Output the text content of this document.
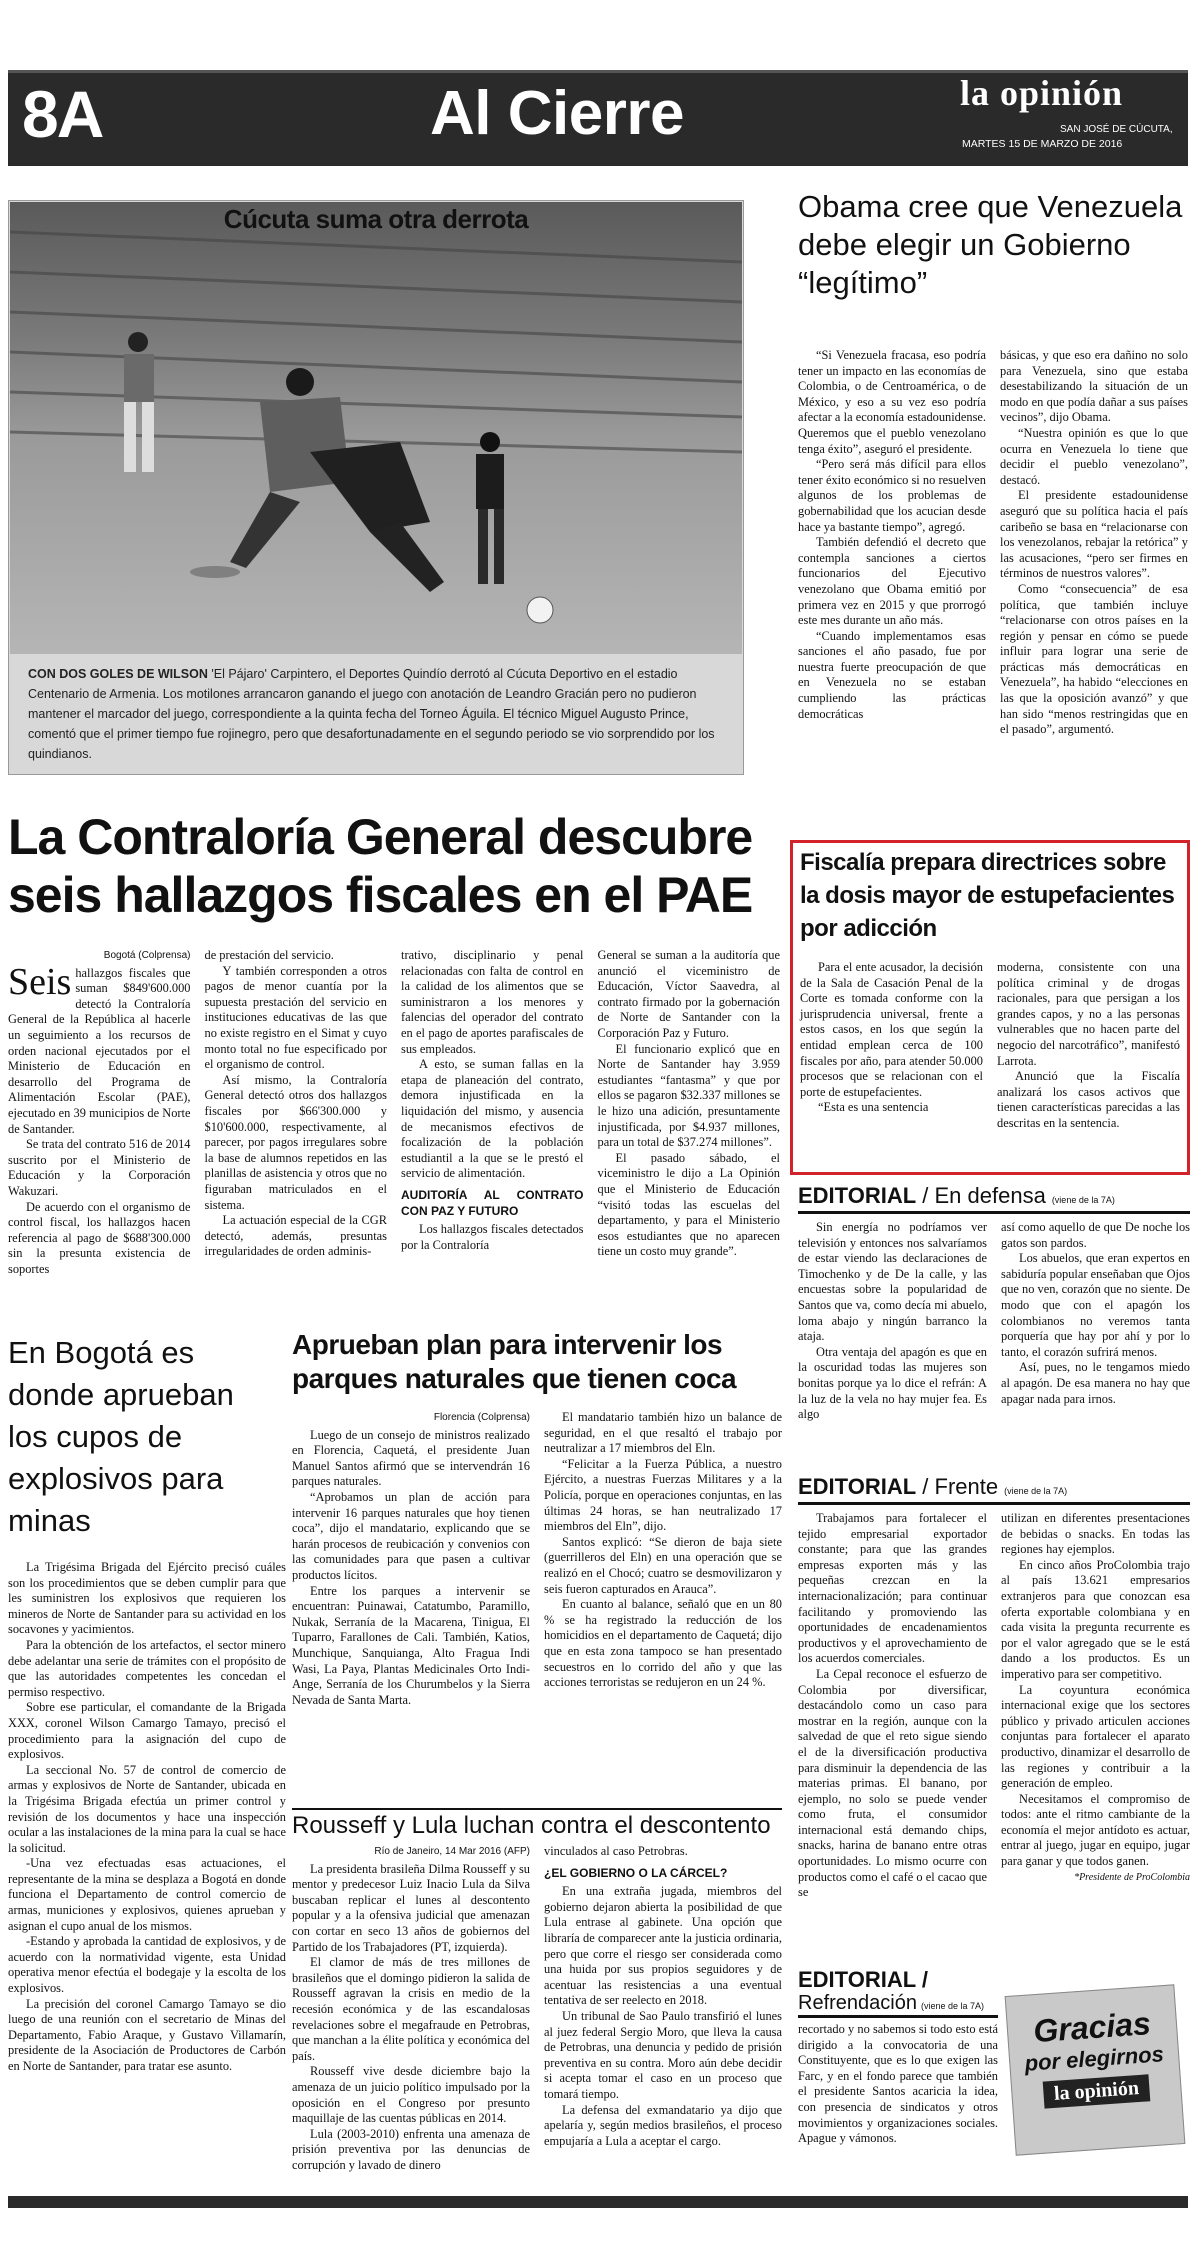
8A	Al Cierre	la opinión
SAN JOSÉ DE CÚCUTA,
MARTES 15 DE MARZO DE 2016
Cúcuta suma otra derrota
CON DOS GOLES DE WILSON 'El Pájaro' Carpintero, el Deportes Quindío derrotó al Cúcuta Deportivo en el estadio Centenario de Armenia. Los motilones arrancaron ganando el juego con anotación de Leandro Gracián pero no pudieron mantener el marcador del juego, correspondiente a la quinta fecha del Torneo Águila. El técnico Miguel Augusto Prince, comentó que el primer tiempo fue rojinegro, pero que desafortunadamente en el segundo periodo se vio sorprendido por los quindianos.
Obama cree que Venezuela debe elegir un Gobierno “legítimo”

“Si Venezuela fracasa, eso podría tener un impacto en las economías de Colombia, o de Centroamérica, o de México, y eso a su vez eso podría afectar a la economía estadounidense. Queremos que el pueblo venezolano tenga éxito”, aseguró el presidente.

“Pero será más difícil para ellos tener éxito económico si no resuelven algunos de los problemas de gobernabilidad que los acucian desde hace ya bastante tiempo”, agregó.

También defendió el decreto que contempla sanciones a ciertos funcionarios del Ejecutivo venezolano que Obama emitió por primera vez en 2015 y que prorrogó este mes durante un año más.

“Cuando implementamos esas sanciones el año pasado, fue por nuestra fuerte preocupación de que en Venezuela no se estaban cumpliendo las prácticas democráticas

básicas, y que eso era dañino no solo para Venezuela, sino que estaba desestabilizando la situación de un modo en que podía dañar a sus países vecinos”, dijo Obama.

“Nuestra opinión es que lo que ocurra en Venezuela lo tiene que decidir el pueblo venezolano”, destacó.

El presidente estadounidense aseguró que su política hacia el país caribeño se basa en “relacionarse con los venezolanos, rebajar la retórica” y las acusaciones, “pero ser firmes en términos de nuestros valores”.

Como “consecuencia” de esa política, que también incluye “relacionarse con otros países en la región y pensar en cómo se puede influir para lograr una serie de prácticas más democráticas en Venezuela”, ha habido “elecciones en las que la oposición avanzó” y que han sido “menos restringidas que en el pasado”, argumentó.

Fiscalía prepara directrices sobre la dosis mayor de estupefacientes por adicción

Para el ente acusador, la decisión de la Sala de Casación Penal de la Corte es tomada conforme con la jurisprudencia universal, frente a estos casos, en los que según la entidad emplean cerca de 100 fiscales por año, para atender 50.000 procesos que se relacionan con el porte de estupefacientes.

“Esta es una sentencia

moderna, consistente con una política criminal y de drogas racionales, para que persigan a los grandes capos, y no a las personas vulnerables que no hacen parte del negocio del narcotráfico”, manifestó Larrota.

Anunció que la Fiscalía analizará los casos activos que tienen características parecidas a las descritas en la sentencia.

La Contraloría General descubre seis hallazgos fiscales en el PAE
Bogotá (Colprensa)

Seis hallazgos fiscales que suman $849'600.000 detectó la Contraloría General de la República al hacerle un seguimiento a los recursos de orden nacional ejecutados por el Ministerio de Educación en desarrollo del Programa de Alimentación Escolar (PAE), ejecutado en 39 municipios de Norte de Santander.

Se trata del contrato 516 de 2014 suscrito por el Ministerio de Educación y la Corporación Wakuzari.

De acuerdo con el organismo de control fiscal, los hallazgos hacen referencia al pago de $688'300.000 sin la presunta existencia de soportes

de prestación del servicio.

Y también corresponden a otros pagos de menor cuantía por la supuesta prestación del servicio en instituciones educativas de las que no existe registro en el Simat y cuyo monto total no fue especificado por el organismo de control.

Así mismo, la Contraloría General detectó otros dos hallazgos fiscales por $66'300.000 y $10'600.000, respectivamente, al parecer, por pagos irregulares sobre la base de alumnos repetidos en las planillas de asistencia y otros que no figuraban matriculados en el sistema.

La actuación especial de la CGR detectó, además, presuntas irregularidades de orden adminis-

trativo, disciplinario y penal relacionadas con falta de control en la calidad de los alimentos que se suministraron a los menores y falencias del operador del contrato en el pago de aportes parafiscales de sus empleados.

A esto, se suman fallas en la etapa de planeación del contrato, demora injustificada en la liquidación del mismo, y ausencia de mecanismos efectivos de focalización de la población estudiantil a la que se le prestó el servicio de alimentación.

AUDITORÍA AL CONTRATO CON PAZ Y FUTURO

Los hallazgos fiscales detectados por la Contraloría

General se suman a la auditoría que anunció el viceministro de Educación, Víctor Saavedra, al contrato firmado por la gobernación de Norte de Santander con la Corporación Paz y Futuro.

El funcionario explicó que en Norte de Santander hay 3.959 estudiantes “fantasma” y que por ellos se pagaron $32.337 millones se le hizo una adición, presuntamente injustificada, por $4.937 millones, para un total de $37.274 millones”.

El pasado sábado, el viceministro le dijo a La Opinión que el Ministerio de Educación “visitó todas las escuelas del departamento, y para el Ministerio esos estudiantes que no aparecen tiene un costo muy grande”.

EDITORIAL / En defensa (viene de la 7A)

Sin energía no podríamos ver televisión y entonces nos salvaríamos de estar viendo las declaraciones de Timochenko y de De la calle, y las encuestas sobre la popularidad de Santos que va, como decía mi abuelo, loma abajo y ningún barranco la ataja.

Otra ventaja del apagón es que en la oscuridad todas las mujeres son bonitas porque ya lo dice el refrán: A la luz de la vela no hay mujer fea. Es algo

así como aquello de que De noche los gatos son pardos.

Los abuelos, que eran expertos en sabiduría popular enseñaban que Ojos que no ven, corazón que no siente. De modo que con el apagón los colombianos no veremos tanta porquería que hay por ahí y por lo tanto, el corazón sufrirá menos.

Así, pues, no le tengamos miedo al apagón. De esa manera no hay que apagar nada para irnos.

En Bogotá es donde aprueban los cupos de explosivos para minas

La Trigésima Brigada del Ejército precisó cuáles son los procedimientos que se deben cumplir para que les suministren los explosivos que requieren los mineros de Norte de Santander para su actividad en los socavones y yacimientos.

Para la obtención de los artefactos, el sector minero debe adelantar una serie de trámites con el propósito de que las autoridades competentes les concedan el permiso respectivo.

Sobre ese particular, el comandante de la Brigada XXX, coronel Wilson Camargo Tamayo, precisó el procedimiento para la asignación del cupo de explosivos.

La seccional No. 57 de control de comercio de armas y explosivos de Norte de Santander, ubicada en la Trigésima Brigada efectúa un primer control y revisión de los documentos y hace una inspección ocular a las instalaciones de la mina para la cual se hace la solicitud.

-Una vez efectuadas esas actuaciones, el representante de la mina se desplaza a Bogotá en donde funciona el Departamento de control comercio de armas, municiones y explosivos, quienes aprueban y asignan el cupo anual de los mismos.

-Estando y aprobada la cantidad de explosivos, y de acuerdo con la normatividad vigente, esta Unidad operativa menor efectúa el bodegaje y la escolta de los explosivos.

La precisión del coronel Camargo Tamayo se dio luego de una reunión con el secretario de Minas del Departamento, Fabio Araque, y Gustavo Villamarín, presidente de la Asociación de Productores de Carbón en Norte de Santander, para tratar ese asunto.

Aprueban plan para intervenir los parques naturales que tienen coca
Florencia (Colprensa)

Luego de un consejo de ministros realizado en Florencia, Caquetá, el presidente Juan Manuel Santos afirmó que se intervendrán 16 parques naturales.

“Aprobamos un plan de acción para intervenir 16 parques naturales que hoy tienen coca”, dijo el mandatario, explicando que se harán procesos de reubicación y convenios con las comunidades para que pasen a cultivar productos lícitos.

Entre los parques a intervenir se encuentran: Puinawai, Catatumbo, Paramillo, Nukak, Serranía de la Macarena, Tinigua, El Tuparro, Farallones de Cali. También, Katios, Munchique, Sanquianga, Alto Fragua Indi Wasi, La Paya, Plantas Medicinales Orto Indi-Ange, Serranía de los Churumbelos y la Sierra Nevada de Santa Marta.

El mandatario también hizo un balance de seguridad, en el que resaltó el trabajo por neutralizar a 17 miembros del Eln.

“Felicitar a la Fuerza Pública, a nuestro Ejército, a nuestras Fuerzas Militares y a la Policía, porque en operaciones conjuntas, en las últimas 24 horas, se han neutralizado 17 miembros del Eln”, dijo.

Santos explicó: “Se dieron de baja siete (guerrilleros del Eln) en una operación que se realizó en el Chocó; cuatro se desmovilizaron y seis fueron capturados en Arauca”.

En cuanto al balance, señaló que en un 80 % se ha registrado la reducción de los homicidios en el departamento de Caquetá; dijo que en esta zona tampoco se han presentado secuestros en lo corrido del año y que las acciones terroristas se redujeron en un 24 %.

Rousseff y Lula luchan contra el descontento
Río de Janeiro, 14 Mar 2016 (AFP)

La presidenta brasileña Dilma Rousseff y su mentor y predecesor Luiz Inacio Lula da Silva buscaban replicar el lunes al descontento popular y a la ofensiva judicial que amenazan con cortar en seco 13 años de gobiernos del Partido de los Trabajadores (PT, izquierda).

El clamor de más de tres millones de brasileños que el domingo pidieron la salida de Rousseff agravan la crisis en medio de la recesión económica y de las escandalosas revelaciones sobre el megafraude en Petrobras, que manchan a la élite política y económica del país.

Rousseff vive desde diciembre bajo la amenaza de un juicio político impulsado por la oposición en el Congreso por presunto maquillaje de las cuentas públicas en 2014.

Lula (2003-2010) enfrenta una amenaza de prisión preventiva por las denuncias de corrupción y lavado de dinero

vinculados al caso Petrobras.

¿EL GOBIERNO O LA CÁRCEL?

En una extraña jugada, miembros del gobierno dejaron abierta la posibilidad de que Lula entrase al gabinete. Una opción que libraría de comparecer ante la justicia ordinaria, pero que corre el riesgo ser considerada como una huida por sus propios seguidores y de acentuar las resistencias a una eventual tentativa de ser reelecto en 2018.

Un tribunal de Sao Paulo transfirió el lunes al juez federal Sergio Moro, que lleva la causa de Petrobras, una denuncia y pedido de prisión preventiva en su contra. Moro aún debe decidir si acepta tomar el caso en un proceso que tomará tiempo.

La defensa del exmandatario ya dijo que apelaría y, según medios brasileños, el proceso empujaría a Lula a aceptar el cargo.

EDITORIAL / Frente (viene de la 7A)

Trabajamos para fortalecer el tejido empresarial exportador constante; para que las grandes empresas exporten más y las pequeñas crezcan en la internacionalización; para continuar facilitando y promoviendo las oportunidades de encadenamientos productivos y el aprovechamiento de los acuerdos comerciales.

La Cepal reconoce el esfuerzo de Colombia por diversificar, destacándolo como un caso para mostrar en la región, aunque con la salvedad de que el reto sigue siendo el de la diversificación productiva para disminuir la dependencia de las materias primas. El banano, por ejemplo, no solo se puede vender como fruta, el consumidor internacional está demando chips, snacks, harina de banano entre otras oportunidades. Lo mismo ocurre con productos como el café o el cacao que se

utilizan en diferentes presentaciones de bebidas o snacks. En todas las regiones hay ejemplos.

En cinco años ProColombia trajo al país 13.621 empresarios extranjeros para que conozcan esa oferta exportable colombiana y en cada visita la pregunta recurrente es por el valor agregado que se le está dando a los productos. Es un imperativo para ser competitivo.

La coyuntura económica internacional exige que los sectores público y privado articulen acciones conjuntas para fortalecer el aparato productivo, dinamizar el desarrollo de las regiones y contribuir a la generación de empleo.

Necesitamos el compromiso de todos: ante el ritmo cambiante de la economía el mejor antídoto es actuar, entrar al juego, jugar en equipo, jugar para ganar y que todos ganen.

*Presidente de ProColombia

EDITORIAL /
Refrendación (viene de la 7A)

recortado y no sabemos si todo esto está dirigido a la convocatoria de una Constituyente, que es lo que exigen las Farc, y en el fondo parece que también el presidente Santos acaricia la idea, con presencia de sindicatos y otros movimientos y organizaciones sociales. Apague y vámonos.

Gracias
por elegirnos
la opinión
